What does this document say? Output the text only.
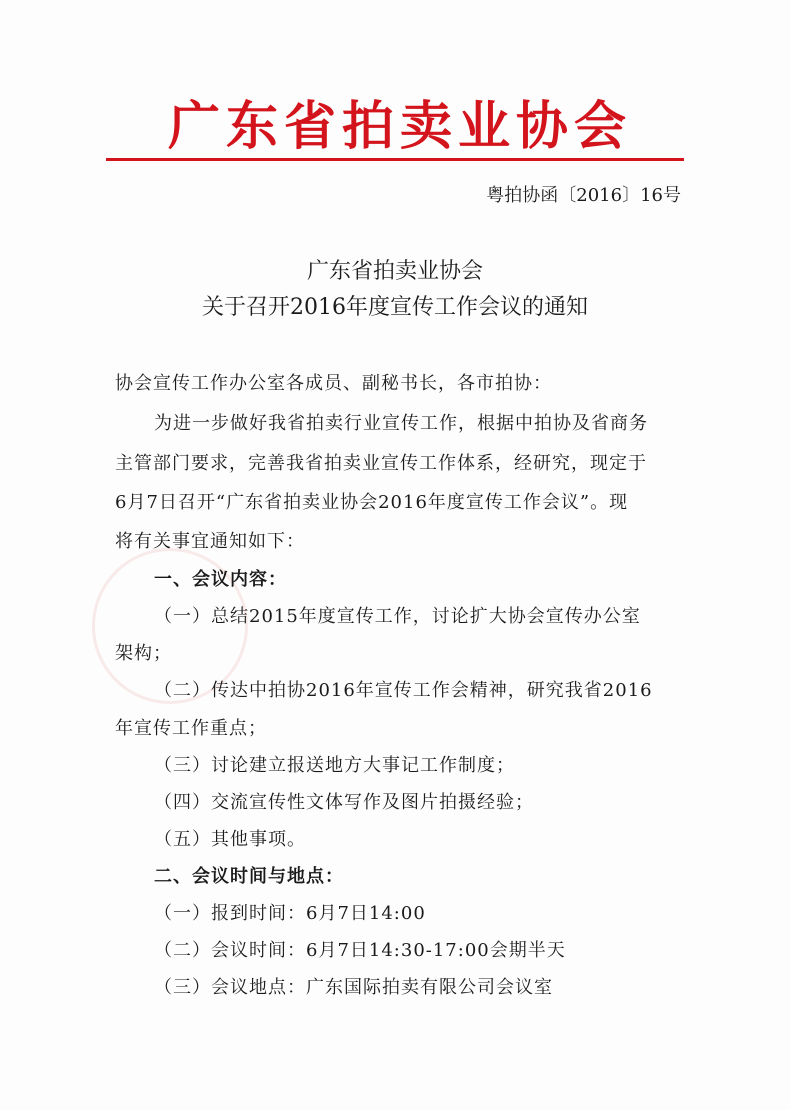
广东省拍卖业协会
粤拍协函〔2016〕16号
广东省拍卖业协会
关于召开2016年度宣传工作会议的通知
协会宣传工作办公室各成员、副秘书长，各市拍协：
为进一步做好我省拍卖行业宣传工作，根据中拍协及省商务
主管部门要求，完善我省拍卖业宣传工作体系，经研究，现定于
6月7日召开“广东省拍卖业协会2016年度宣传工作会议”。现
将有关事宜通知如下：
一、会议内容：
（一）总结2015年度宣传工作，讨论扩大协会宣传办公室
架构；
（二）传达中拍协2016年宣传工作会精神，研究我省2016
年宣传工作重点；
（三）讨论建立报送地方大事记工作制度；
（四）交流宣传性文体写作及图片拍摄经验；
（五）其他事项。
二、会议时间与地点：
（一）报到时间：6月7日14:00
（二）会议时间：6月7日14:30-17:00会期半天
（三）会议地点：广东国际拍卖有限公司会议室
